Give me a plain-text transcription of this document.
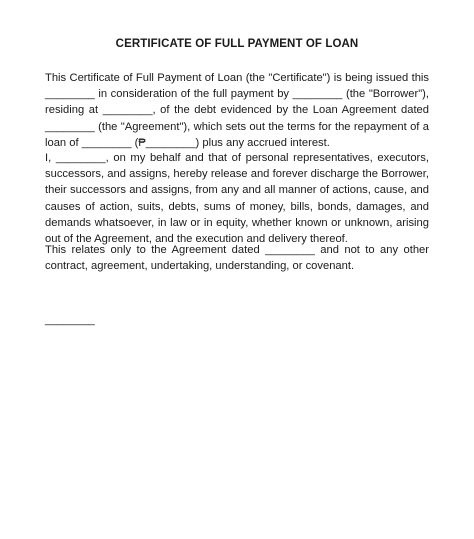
CERTIFICATE OF FULL PAYMENT OF LOAN

This Certificate of Full Payment of Loan (the "Certificate") is being issued this ________ in consideration of the full payment by ________ (the "Borrower"), residing at ________, of the debt evidenced by the Loan Agreement dated ________ (the "Agreement"), which sets out the terms for the repayment of a loan of ________ (₱________) plus any accrued interest.

I, ________, on my behalf and that of personal representatives, executors, successors, and assigns, hereby release and forever discharge the Borrower, their successors and assigns, from any and all manner of actions, cause, and causes of action, suits, debts, sums of money, bills, bonds, damages, and demands whatsoever, in law or in equity, whether known or unknown, arising out of the Agreement, and the execution and delivery thereof.

This relates only to the Agreement dated ________ and not to any other contract, agreement, undertaking, understanding, or covenant.

________
